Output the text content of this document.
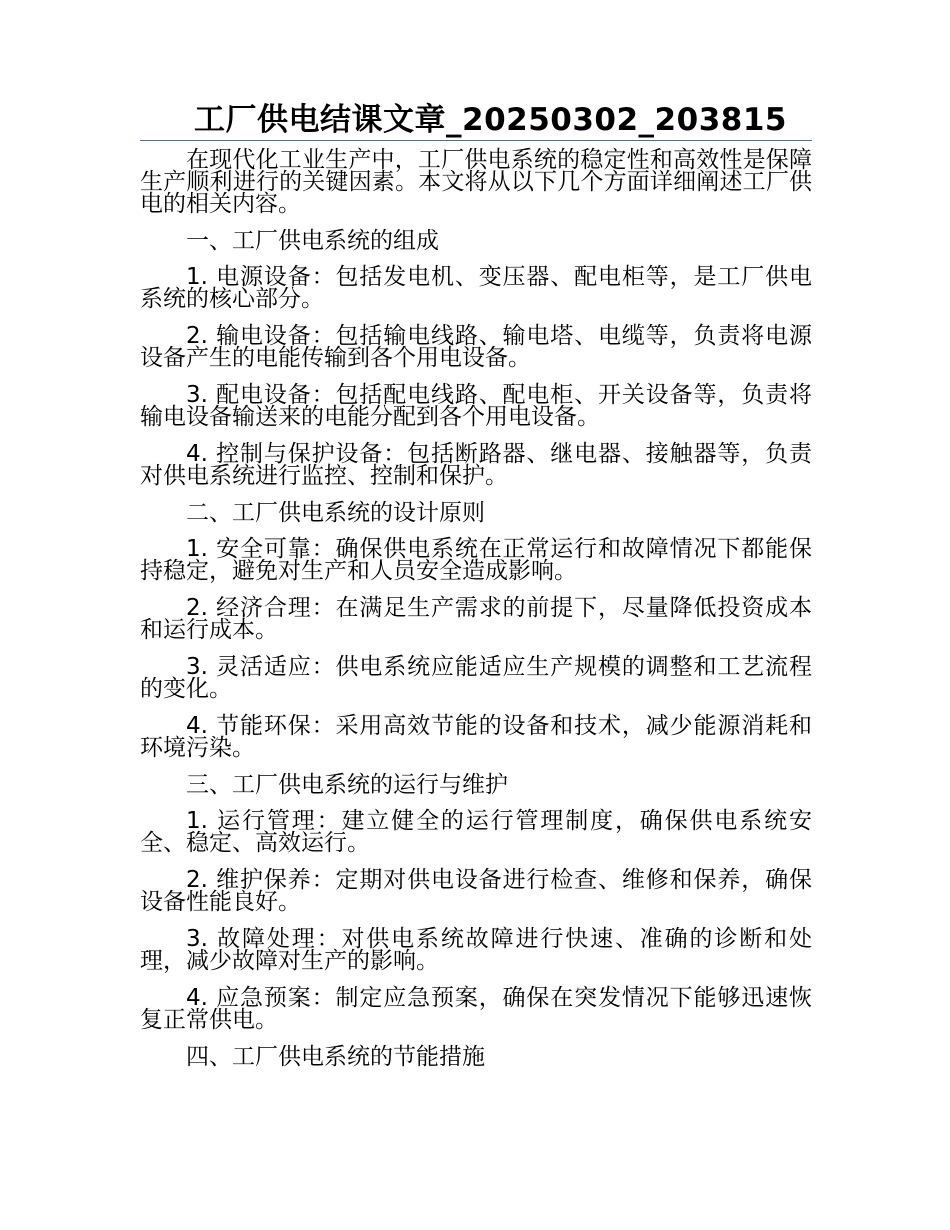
工厂供电结课文章_20250302_203815

在现代化工业生产中，工厂供电系统的稳定性和高效性是保障生产顺利进行的关键因素。本文将从以下几个方面详细阐述工厂供电的相关内容。

一、工厂供电系统的组成

1. 电源设备：包括发电机、变压器、配电柜等，是工厂供电系统的核心部分。

2. 输电设备：包括输电线路、输电塔、电缆等，负责将电源设备产生的电能传输到各个用电设备。

3. 配电设备：包括配电线路、配电柜、开关设备等，负责将输电设备输送来的电能分配到各个用电设备。

4. 控制与保护设备：包括断路器、继电器、接触器等，负责对供电系统进行监控、控制和保护。

二、工厂供电系统的设计原则

1. 安全可靠：确保供电系统在正常运行和故障情况下都能保持稳定，避免对生产和人员安全造成影响。

2. 经济合理：在满足生产需求的前提下，尽量降低投资成本和运行成本。

3. 灵活适应：供电系统应能适应生产规模的调整和工艺流程的变化。

4. 节能环保：采用高效节能的设备和技术，减少能源消耗和环境污染。

三、工厂供电系统的运行与维护

1. 运行管理：建立健全的运行管理制度，确保供电系统安全、稳定、高效运行。

2. 维护保养：定期对供电设备进行检查、维修和保养，确保设备性能良好。

3. 故障处理：对供电系统故障进行快速、准确的诊断和处理，减少故障对生产的影响。

4. 应急预案：制定应急预案，确保在突发情况下能够迅速恢复正常供电。

四、工厂供电系统的节能措施
